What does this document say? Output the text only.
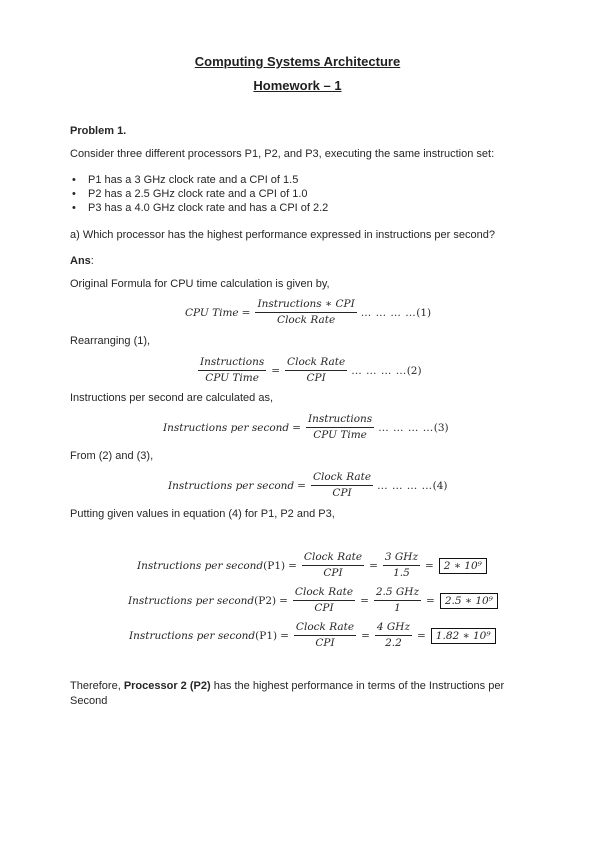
Computing Systems Architecture
Homework – 1
Problem 1.
Consider three different processors P1, P2, and P3, executing the same instruction set:
• P1 has a 3 GHz clock rate and a CPI of 1.5
• P2 has a 2.5 GHz clock rate and a CPI of 1.0
• P3 has a 4.0 GHz clock rate and has a CPI of 2.2
a) Which processor has the highest performance expressed in instructions per second?
Ans:
Original Formula for CPU time calculation is given by,
CPU Time = $\frac{\text{Instructions ∗ CPI}}{\text{Clock Rate}}$ … … … … (1)
Rearranging (1),
$\frac{\text{Instructions}}{\text{CPU Time}} = \frac{\text{Clock Rate}}{\text{CPI}}$ … … … … (2)
Instructions per second are calculated as,
Instructions per second = $\frac{\text{Instructions}}{\text{CPU Time}}$ … … … … (3)
From (2) and (3),
Instructions per second = $\frac{\text{Clock Rate}}{\text{CPI}}$ … … … … (4)
Putting given values in equation (4) for P1, P2 and P3,
Instructions per second $(P1) = \frac{\text{Clock Rate}}{\text{CPI}} = \frac{\text{3 GHz}}{1.5} = 2$ ∗ 10⁹
Instructions per second $(P2) = \frac{\text{Clock Rate}}{\text{CPI}} = \frac{\text{2.5 GHz}}{1} = 2.5$ ∗ 10⁹
Instructions per second $(P1) = \frac{\text{Clock Rate}}{\text{CPI}} = \frac{\text{4 GHz}}{2.2} = 1.82$ ∗ 10⁹
Therefore, Processor 2 (P2) has the highest performance in terms of the Instructions per
Second
